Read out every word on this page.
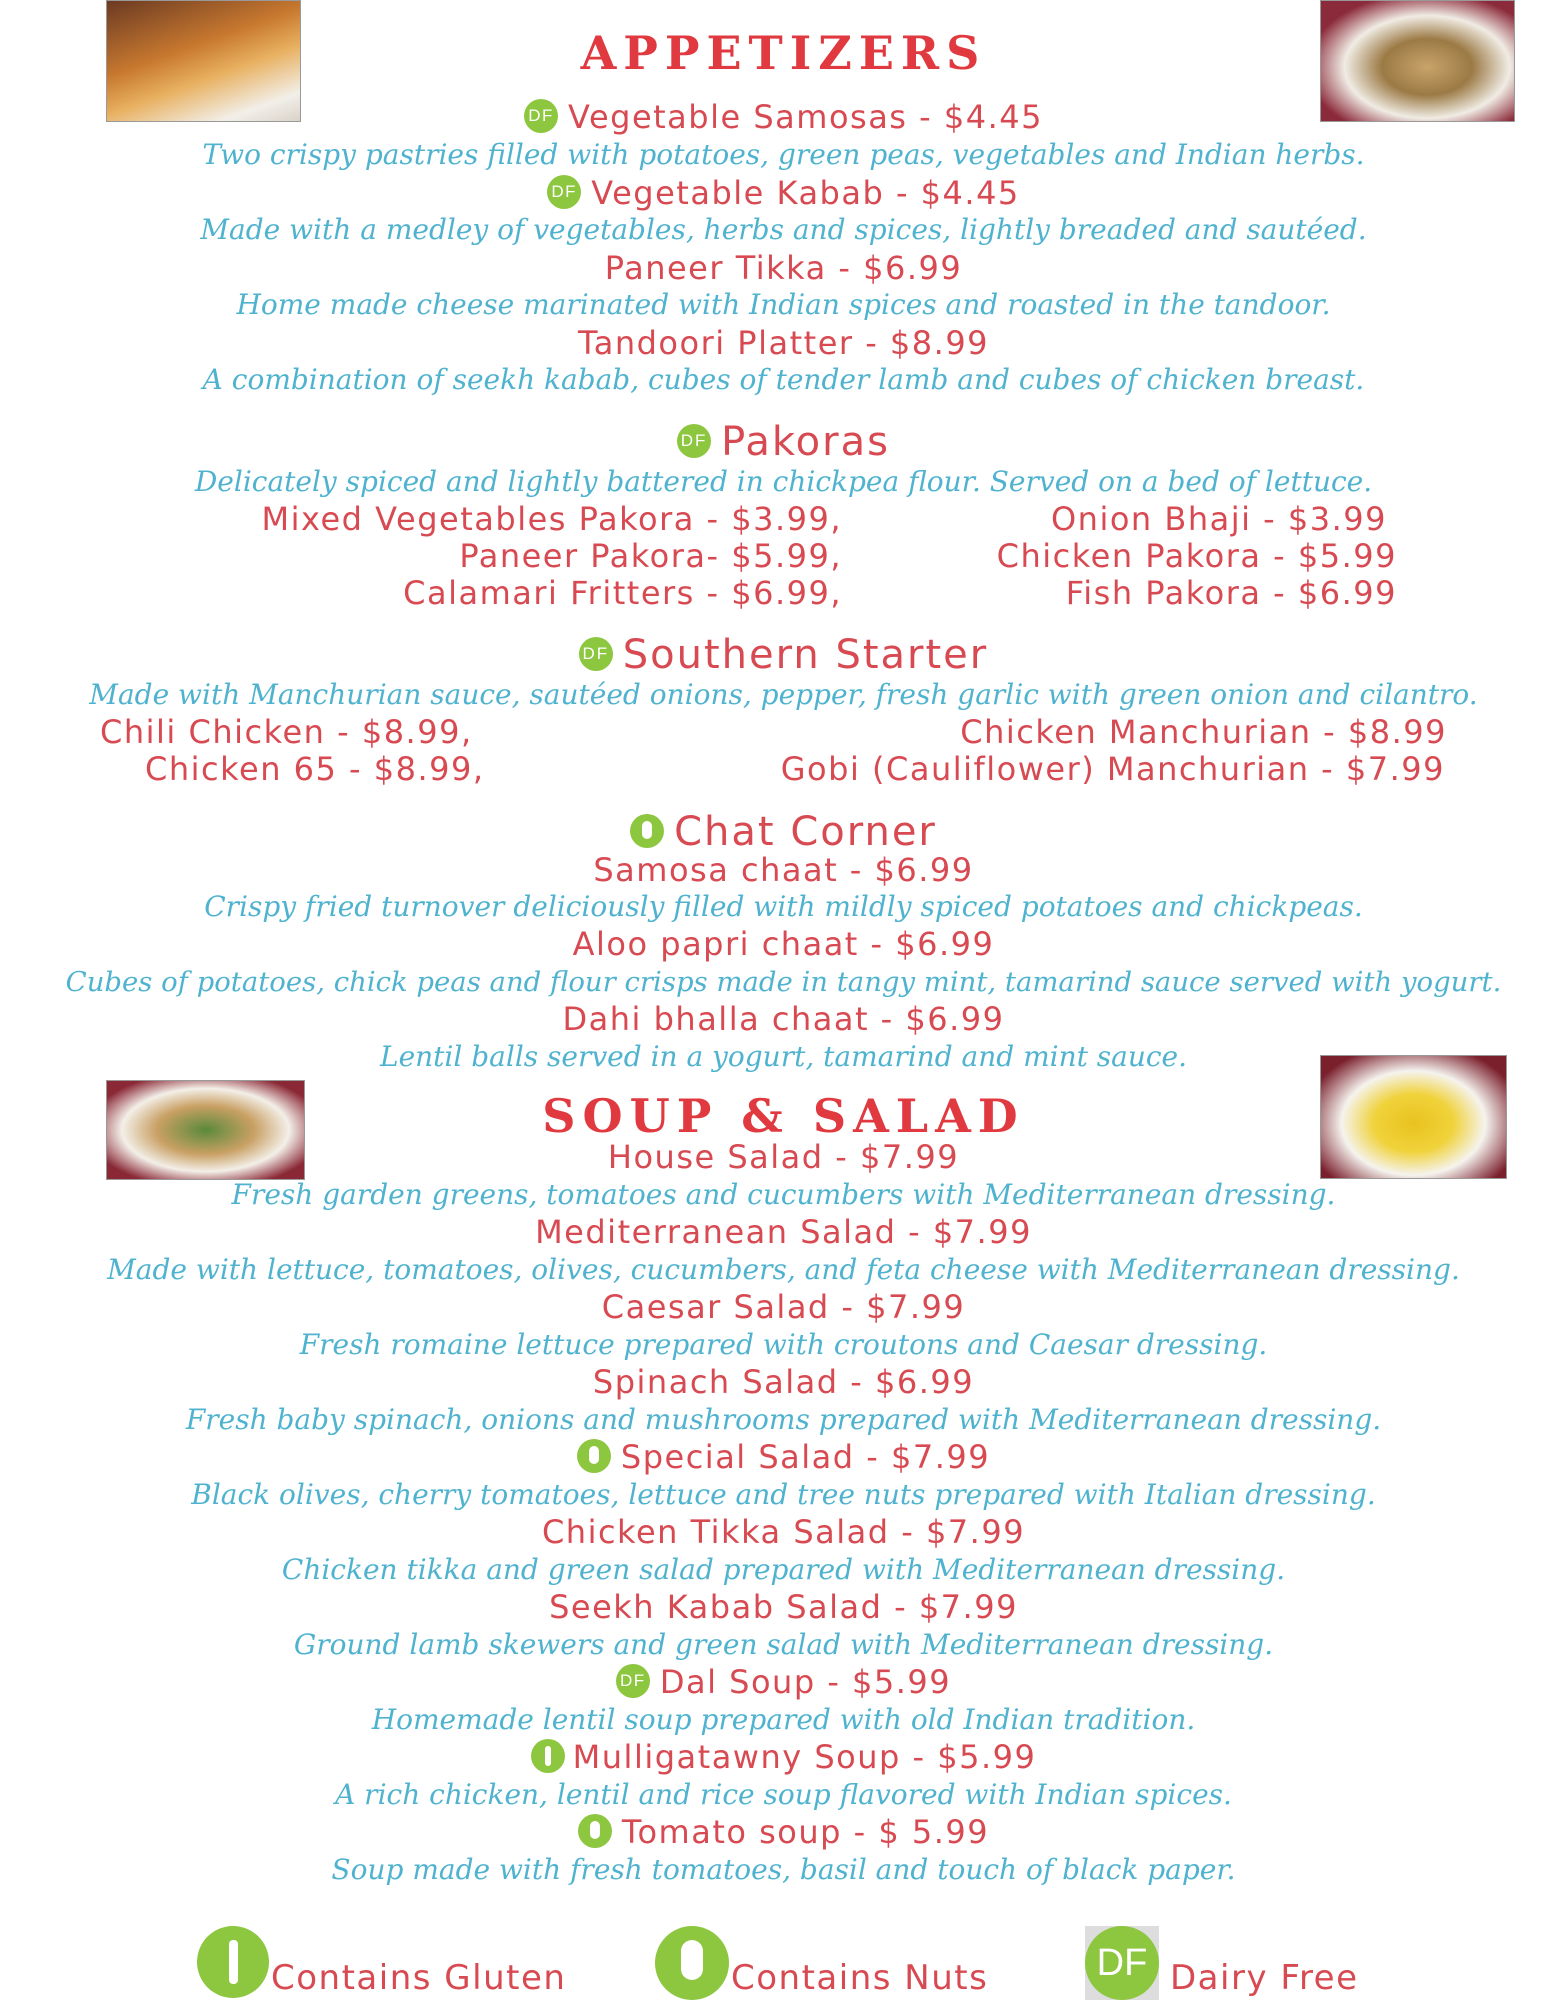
APPETIZERS
DF Vegetable Samosas - $4.45
Two crispy pastries filled with potatoes, green peas, vegetables and Indian herbs.
DF Vegetable Kabab - $4.45
Made with a medley of vegetables, herbs and spices, lightly breaded and sautéed.
Paneer Tikka - $6.99
Home made cheese marinated with Indian spices and roasted in the tandoor.
Tandoori Platter - $8.99
A combination of seekh kabab, cubes of tender lamb and cubes of chicken breast.
DF Pakoras
Delicately spiced and lightly battered in chickpea flour. Served on a bed of lettuce.
Mixed Vegetables Pakora - $3.99,	Onion Bhaji - $3.99
Paneer Pakora- $5.99,	Chicken Pakora - $5.99
Calamari Fritters - $6.99,	Fish Pakora - $6.99
DF Southern Starter
Made with Manchurian sauce, sautéed onions, pepper, fresh garlic with green onion and cilantro.
Chili Chicken - $8.99,	Chicken Manchurian - $8.99
Chicken 65 - $8.99,	Gobi (Cauliflower) Manchurian - $7.99
Chat Corner
Samosa chaat - $6.99
Crispy fried turnover deliciously filled with mildly spiced potatoes and chickpeas.
Aloo papri chaat - $6.99
Cubes of potatoes, chick peas and flour crisps made in tangy mint, tamarind sauce served with yogurt.
Dahi bhalla chaat - $6.99
Lentil balls served in a yogurt, tamarind and mint sauce.
SOUP & SALAD
House Salad - $7.99
Fresh garden greens, tomatoes and cucumbers with Mediterranean dressing.
Mediterranean Salad - $7.99
Made with lettuce, tomatoes, olives, cucumbers, and feta cheese with Mediterranean dressing.
Caesar Salad - $7.99
Fresh romaine lettuce prepared with croutons and Caesar dressing.
Spinach Salad - $6.99
Fresh baby spinach, onions and mushrooms prepared with Mediterranean dressing.
Special Salad - $7.99
Black olives, cherry tomatoes, lettuce and tree nuts prepared with Italian dressing.
Chicken Tikka Salad - $7.99
Chicken tikka and green salad prepared with Mediterranean dressing.
Seekh Kabab Salad - $7.99
Ground lamb skewers and green salad with Mediterranean dressing.
DF Dal Soup - $5.99
Homemade lentil soup prepared with old Indian tradition.
Mulligatawny Soup - $5.99
A rich chicken, lentil and rice soup flavored with Indian spices.
Tomato soup - $ 5.99
Soup made with fresh tomatoes, basil and touch of black paper.
Contains Gluten	Contains Nuts	DF Dairy Free
